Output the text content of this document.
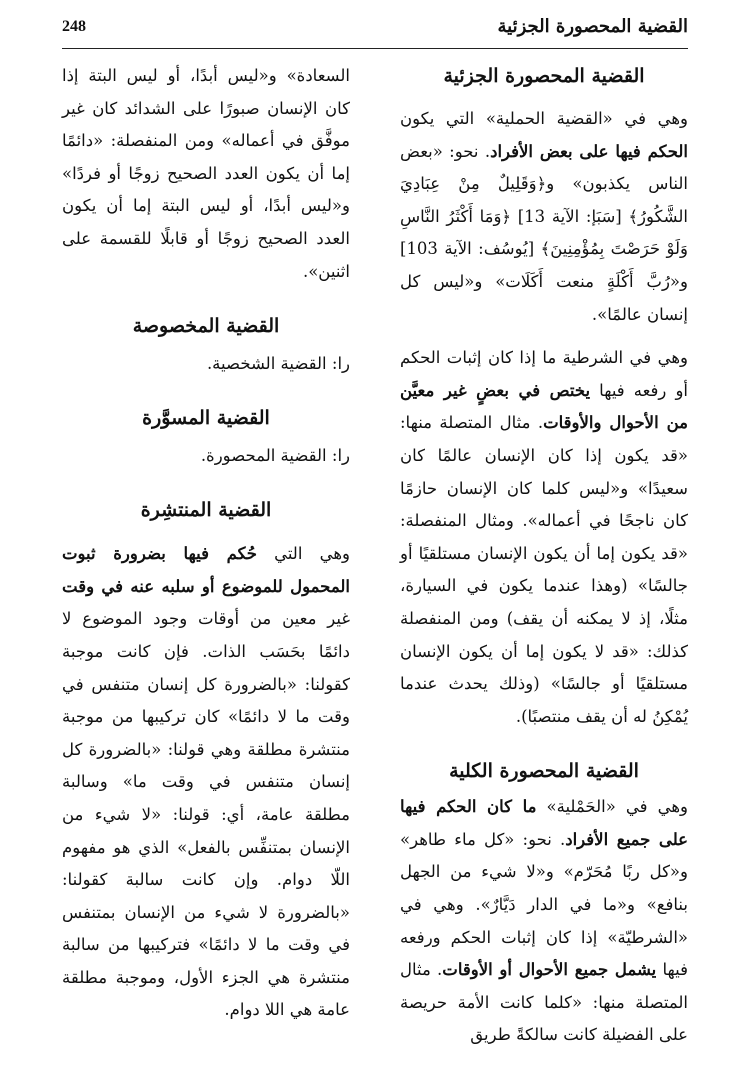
248	القضية المحصورة الجزئية

القضية المحصورة الجزئية

وهي في «القضية الحملية» التي يكون الحكم فيها على بعض الأفراد. نحو: «بعض الناس يكذبون» و﴿وَقَلِيلٌ مِنْ عِبَادِيَ الشَّكُورُ﴾ [سَبَإ: الآية 13] ﴿وَمَا أَكْثَرُ النَّاسِ وَلَوْ حَرَصْتَ بِمُؤْمِنِينَ﴾ [يُوسُف: الآية 103] و«رُبَّ أَكْلَةٍ منعت أَكَلَات» و«ليس كل إنسان عالمًا».

وهي في الشرطية ما إذا كان إثبات الحكم أو رفعه فيها يختص في بعضٍ غير معيَّن من الأحوال والأوقات. مثال المتصلة منها: «قد يكون إذا كان الإنسان عالمًا كان سعيدًا» و«ليس كلما كان الإنسان حازمًا كان ناجحًا في أعماله». ومثال المنفصلة: «قد يكون إما أن يكون الإنسان مستلقيًا أو جالسًا» (وهذا عندما يكون في السيارة، مثلًا، إذ لا يمكنه أن يقف) ومن المنفصلة كذلك: «قد لا يكون إما أن يكون الإنسان مستلقيًا أو جالسًا» (وذلك يحدث عندما يُمْكِنُ له أن يقف منتصبًا).

القضية المحصورة الكلية

وهي في «الحَمْلية» ما كان الحكم فيها على جميع الأفراد. نحو: «كل ماء طاهر» و«كل ربًا مُحَرّم» و«لا شيء من الجهل بنافع» و«ما في الدار دَيَّارٌ». وهي في «الشرطيّة» إذا كان إثبات الحكم ورفعه فيها يشمل جميع الأحوال أو الأوقات. مثال المتصلة منها: «كلما كانت الأمة حريصة على الفضيلة كانت سالكةً طريق

السعادة» و«ليس أبدًا، أو ليس البتة إذا كان الإنسان صبورًا على الشدائد كان غير موفَّق في أعماله» ومن المنفصلة: «دائمًا إما أن يكون العدد الصحيح زوجًا أو فردًا» و«ليس أبدًا، أو ليس البتة إما أن يكون العدد الصحيح زوجًا أو قابلًا للقسمة على اثنين».

القضية المخصوصة

را: القضية الشخصية.

القضية المسوَّرة

را: القضية المحصورة.

القضية المنتشِرة

وهي التي حُكم فيها بضرورة ثبوت المحمول للموضوع أو سلبه عنه في وقت غير معين من أوقات وجود الموضوع لا دائمًا بحَسَب الذات. فإن كانت موجبة كقولنا: «بالضرورة كل إنسان متنفس في وقت ما لا دائمًا» كان تركيبها من موجبة منتشرة مطلقة وهي قولنا: «بالضرورة كل إنسان متنفس في وقت ما» وسالبة مطلقة عامة، أي: قولنا: «لا شيء من الإنسان بمتنفِّس بالفعل» الذي هو مفهوم اللّا دوام. وإن كانت سالبة كقولنا: «بالضرورة لا شيء من الإنسان بمتنفس في وقت ما لا دائمًا» فتركيبها من سالبة منتشرة هي الجزء الأول، وموجبة مطلقة عامة هي اللا دوام.
